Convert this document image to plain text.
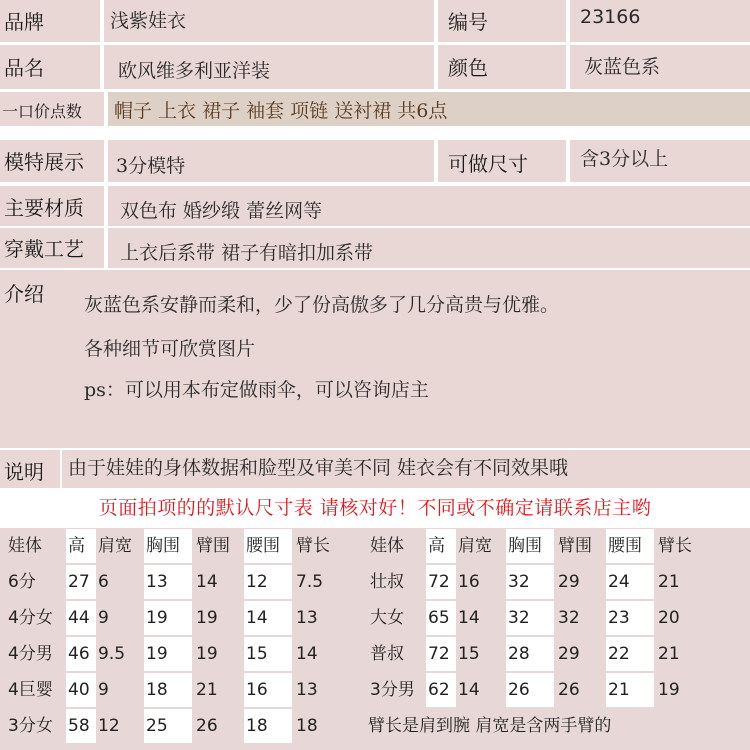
品牌	浅紫娃衣	编号	23166
品名	欧风维多利亚洋装	颜色	灰蓝色系
一口价点数	帽子 上衣 裙子 袖套 项链 送衬裙 共6点
模特展示	3分模特	可做尺寸	含3分以上
主要材质	双色布 婚纱缎 蕾丝网等
穿戴工艺	上衣后系带 裙子有暗扣加系带
介绍 灰蓝色系安静而柔和，少了份高傲多了几分高贵与优雅。
各种细节可欣赏图片
ps：可以用本布定做雨伞，可以咨询店主
说明	由于娃娃的身体数据和脸型及审美不同 娃衣会有不同效果哦
页面拍项的的默认尺寸表 请核对好！不同或不确定请联系店主哟
娃体	高 肩宽 胸围 臂围 腰围 臂长	娃体	高 肩宽 胸围 臂围 腰围 臂长
6分	27 6	13	14	12	7.5
4分女 44 9	19	19	14	13
4分男 46 9.5	19	19	15	14
4巨婴 40 9	18	21	16	13
3分女 58 12	25	26	18	18
壮叔	72 16	32	29	24	21
大女	65 14	32	32	23	20
普叔	72 15	28	29	22	21
3分男 62 14	26	26	21	19
臂长是肩到腕 肩宽是含两手臂的
